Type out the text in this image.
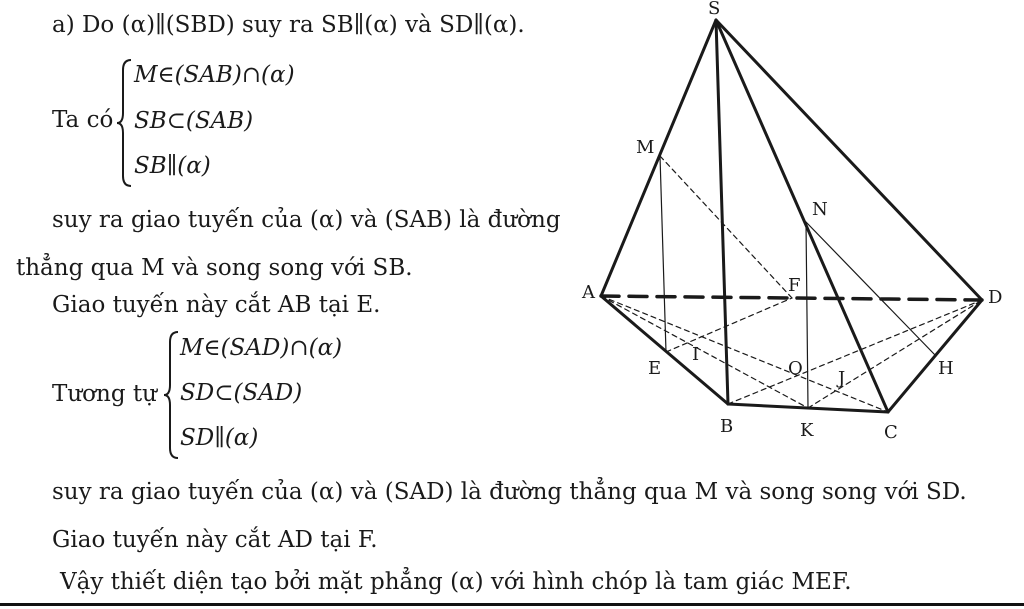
a) Do (α)∥(SBD) suy ra SB∥(α) và SD∥(α).
Ta có
M∈(SAB)∩(α)
SB⊂(SAB)
SB∥(α)
suy ra giao tuyến của (α) và (SAB) là đường
thẳng qua M và song song với SB.
Giao tuyến này cắt AB tại E.
Tương tự
M∈(SAD)∩(α)
SD⊂(SAD)
SD∥(α)
suy ra giao tuyến của (α) và (SAD) là đường thẳng qua M và song song với SD.
Giao tuyến này cắt AD tại F.
Vậy thiết diện tạo bởi mặt phẳng (α) với hình chóp là tam giác MEF.
S
M
N
A	F
D
E
I
O J	H
B	K	C
